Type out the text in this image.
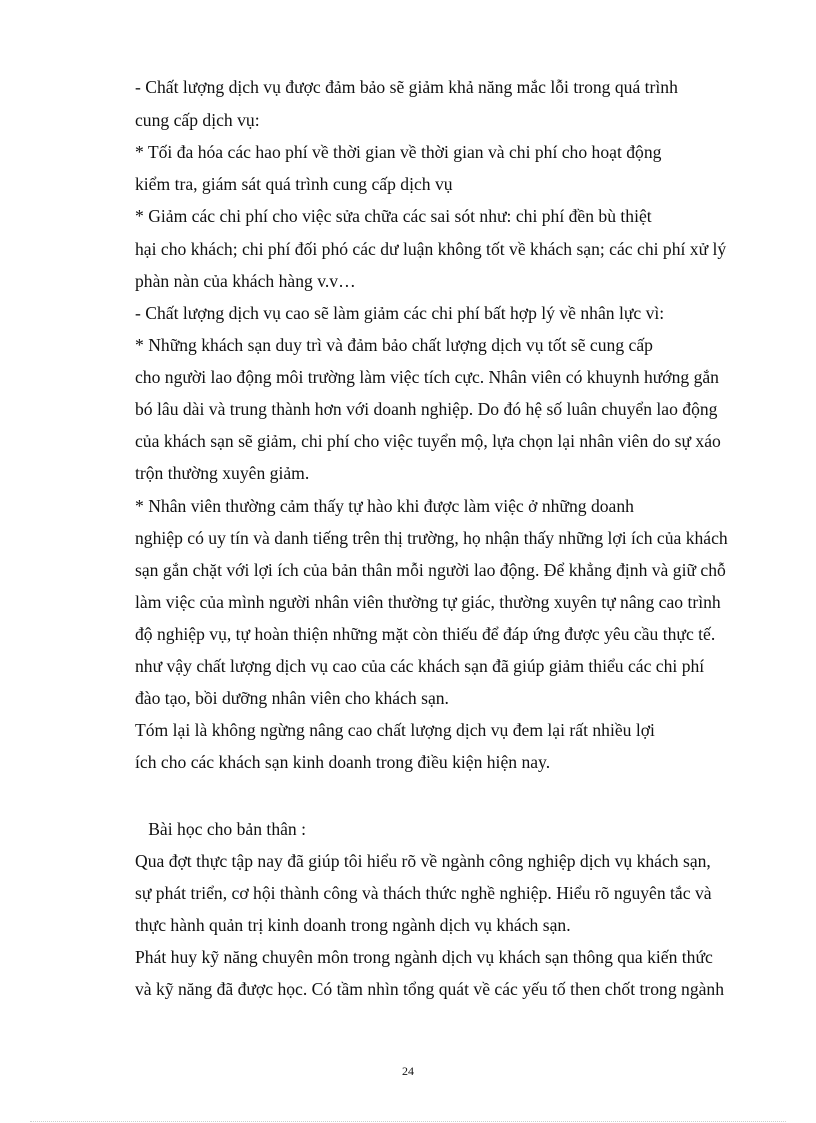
- Chất lượng dịch vụ được đảm bảo sẽ giảm khả năng mắc lỗi trong quá trình
cung cấp dịch vụ:
* Tối đa hóa các hao phí về thời gian về thời gian và chi phí cho hoạt động
kiểm tra, giám sát quá trình cung cấp dịch vụ
* Giảm các chi phí cho việc sửa chữa các sai sót như: chi phí đền bù thiệt
hại cho khách; chi phí đối phó các dư luận không tốt về khách sạn; các chi phí xử lý
phàn nàn của khách hàng v.v…
- Chất lượng dịch vụ cao sẽ làm giảm các chi phí bất hợp lý về nhân lực vì:
* Những khách sạn duy trì và đảm bảo chất lượng dịch vụ tốt sẽ cung cấp
cho người lao động môi trường làm việc tích cực. Nhân viên có khuynh hướng gắn
bó lâu dài và trung thành hơn với doanh nghiệp. Do đó hệ số luân chuyển lao động
của khách sạn sẽ giảm, chi phí cho việc tuyển mộ, lựa chọn lại nhân viên do sự xáo
trộn thường xuyên giảm.
* Nhân viên thường cảm thấy tự hào khi được làm việc ở những doanh
nghiệp có uy tín và danh tiếng trên thị trường, họ nhận thấy những lợi ích của khách
sạn gắn chặt với lợi ích của bản thân mỗi người lao động. Để khẳng định và giữ chỗ
làm việc của mình người nhân viên thường tự giác, thường xuyên tự nâng cao trình
độ nghiệp vụ, tự hoàn thiện những mặt còn thiếu để đáp ứng được yêu cầu thực tế.
như vậy chất lượng dịch vụ cao của các khách sạn đã giúp giảm thiểu các chi phí
đào tạo, bồi dưỡng nhân viên cho khách sạn.
Tóm lại là không ngừng nâng cao chất lượng dịch vụ đem lại rất nhiều lợi
ích cho các khách sạn kinh doanh trong điều kiện hiện nay.
Bài học cho bản thân :
Qua đợt thực tập nay đã giúp tôi hiểu rõ về ngành công nghiệp dịch vụ khách sạn,
sự phát triển, cơ hội thành công và thách thức nghề nghiệp. Hiểu rõ nguyên tắc và
thực hành quản trị kinh doanh trong ngành dịch vụ khách sạn.
Phát huy kỹ năng chuyên môn trong ngành dịch vụ khách sạn thông qua kiến thức
và kỹ năng đã được học. Có tầm nhìn tổng quát về các yếu tố then chốt trong ngành
24
